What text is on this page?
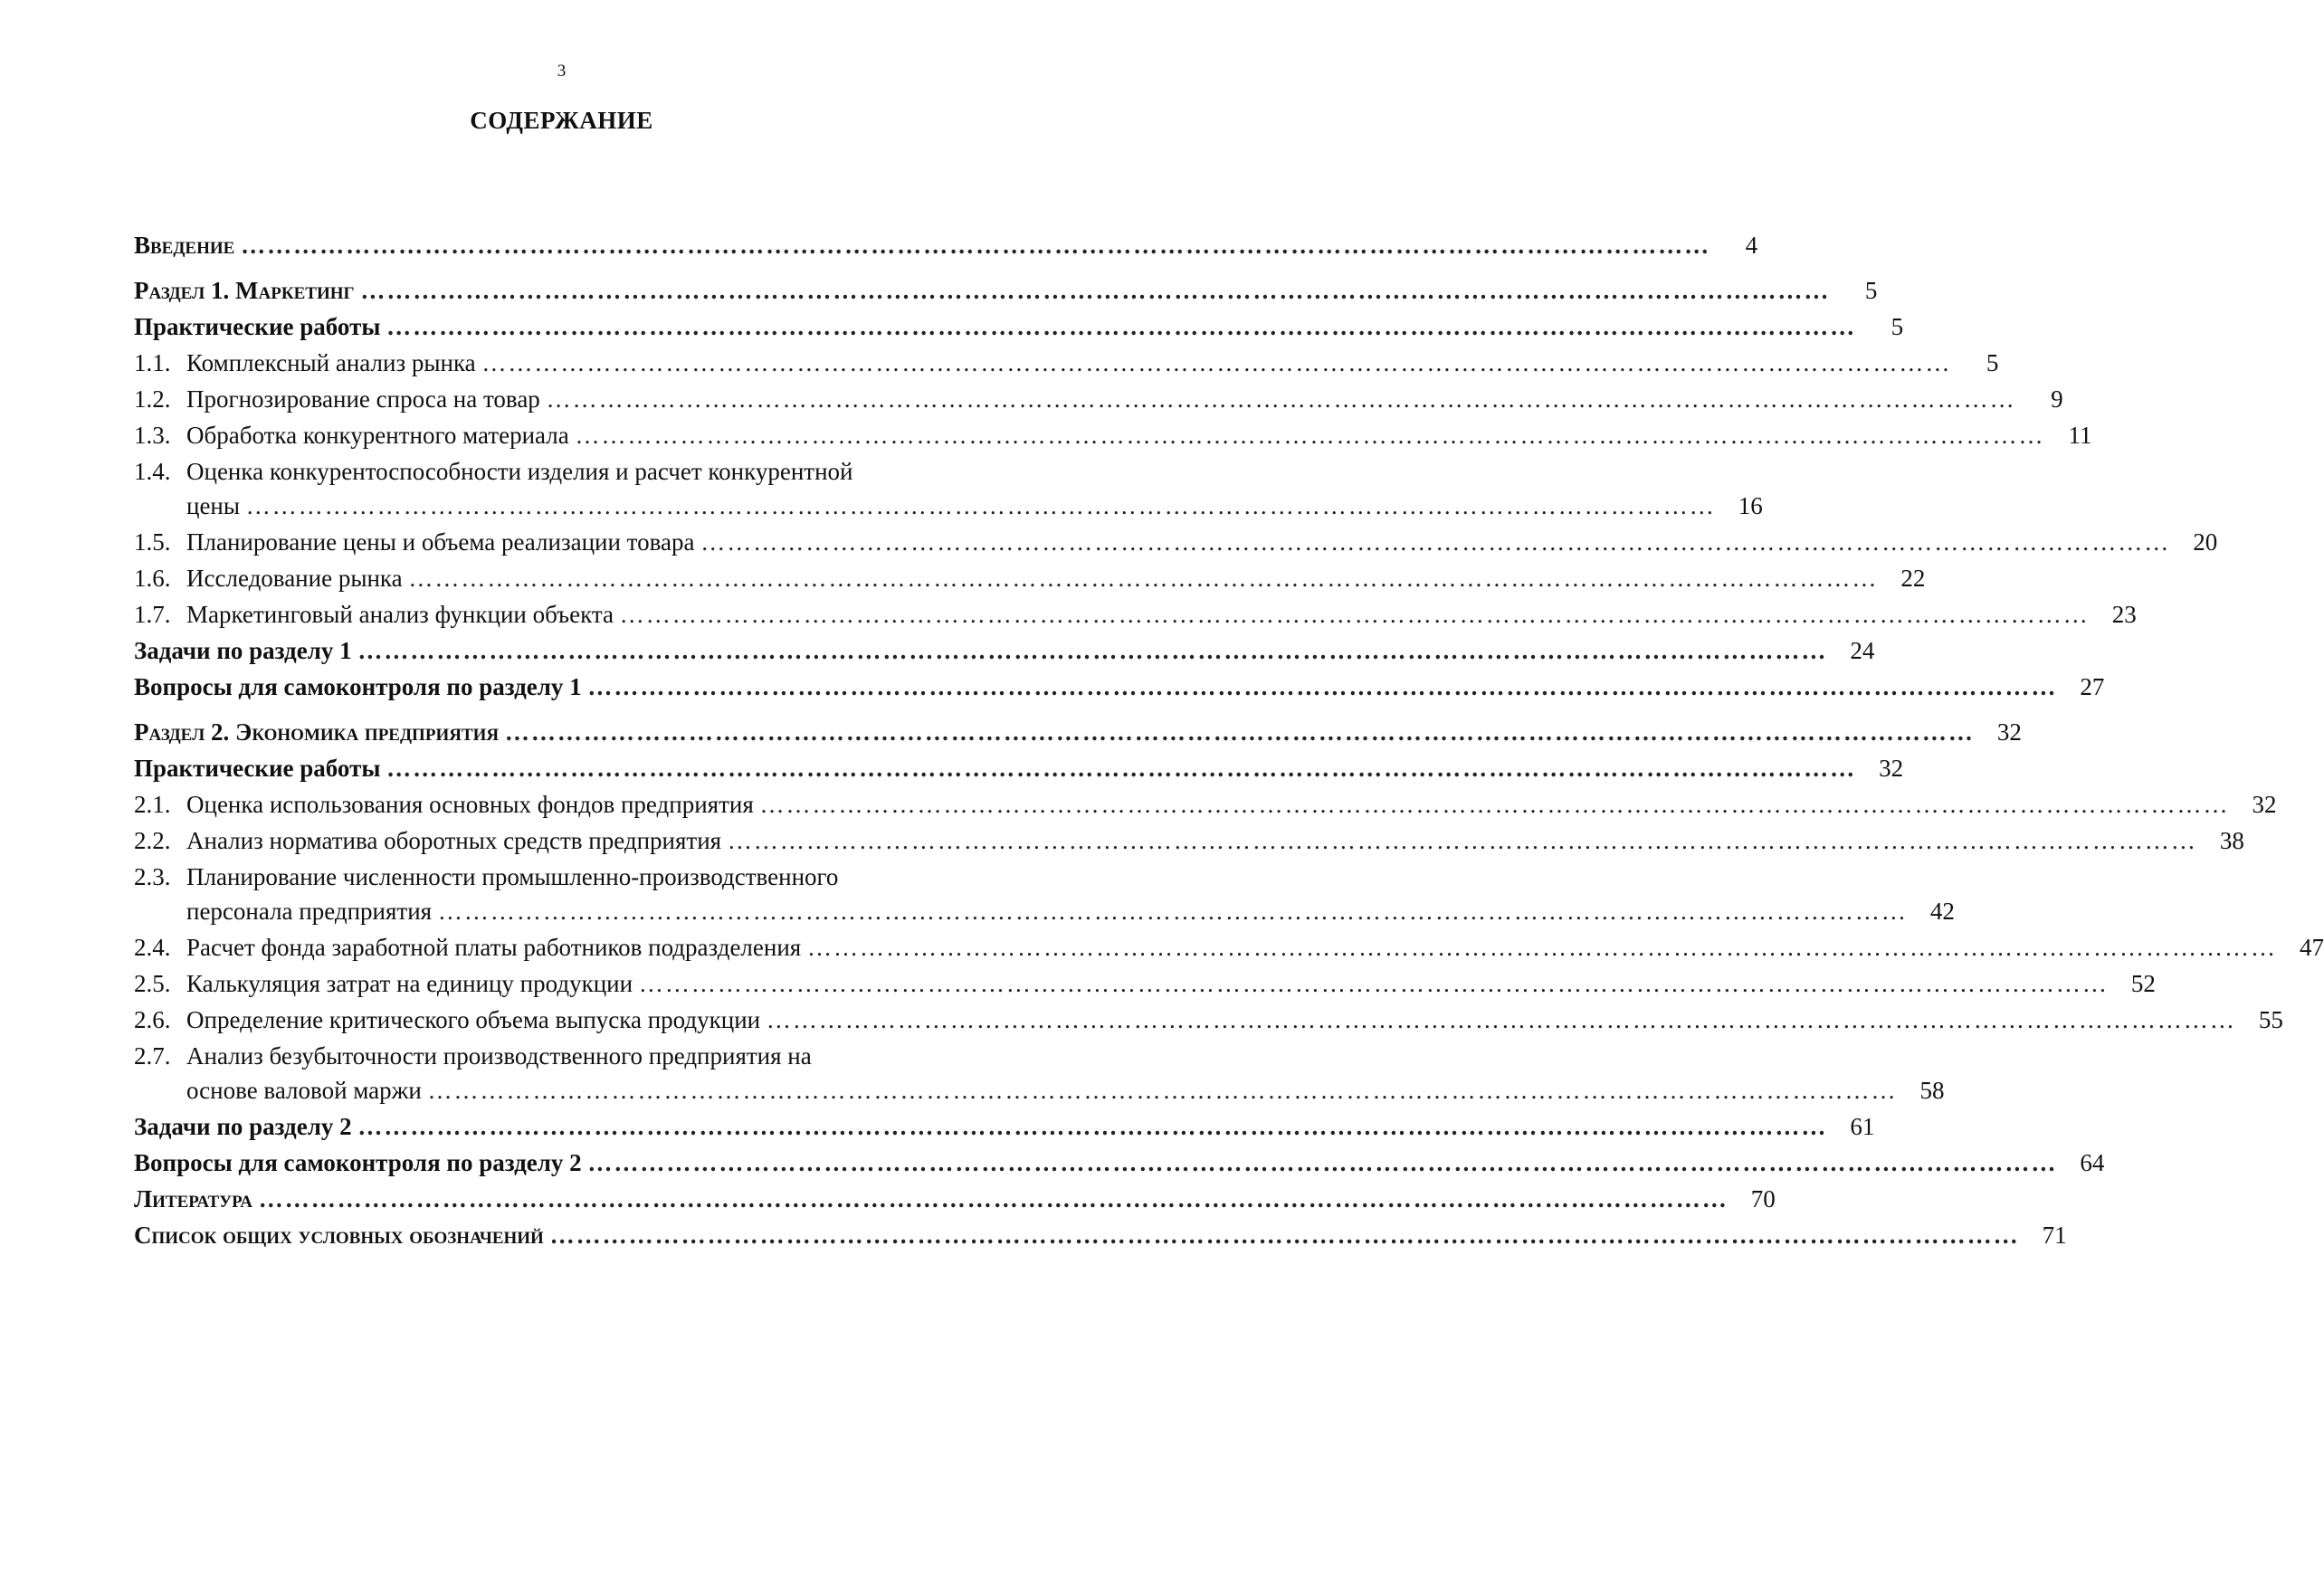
3
СОДЕРЖАНИЕ
Введение ……………………………………………………………………………………………………………………………………………………	4
Раздел 1. Маркетинг ……………………………………………………………………………………………………………………………………………………	5
Практические работы ……………………………………………………………………………………………………………………………………………………	5
1.1. Комплексный анализ рынка ……………………………………………………………………………………………………………………………………………………	5
1.2. Прогнозирование спроса на товар ……………………………………………………………………………………………………………………………………………………	9
1.3. Обработка конкурентного материала …………………………………………………………………………………………………………………………………………………… 11
1.4. Оценка конкурентоспособности изделия и расчет конкурентной
цены …………………………………………………………………………………………………………………………………………………… 16
1.5. Планирование цены и объема реализации товара …………………………………………………………………………………………………………………………………………………… 20
1.6. Исследование рынка …………………………………………………………………………………………………………………………………………………… 22
1.7. Маркетинговый анализ функции объекта …………………………………………………………………………………………………………………………………………………… 23
Задачи по разделу 1 …………………………………………………………………………………………………………………………………………………… 24
Вопросы для самоконтроля по разделу 1 …………………………………………………………………………………………………………………………………………………… 27
Раздел 2. Экономика предприятия …………………………………………………………………………………………………………………………………………………… 32
Практические работы …………………………………………………………………………………………………………………………………………………… 32
2.1. Оценка использования основных фондов предприятия …………………………………………………………………………………………………………………………………………………… 32
2.2. Анализ норматива оборотных средств предприятия …………………………………………………………………………………………………………………………………………………… 38
2.3. Планирование численности промышленно-производственного
персонала предприятия …………………………………………………………………………………………………………………………………………………… 42
2.4. Расчет фонда заработной платы работников подразделения …………………………………………………………………………………………………………………………………………………… 47
2.5. Калькуляция затрат на единицу продукции …………………………………………………………………………………………………………………………………………………… 52
2.6. Определение критического объема выпуска продукции …………………………………………………………………………………………………………………………………………………… 55
2.7. Анализ безубыточности производственного предприятия на
основе валовой маржи …………………………………………………………………………………………………………………………………………………… 58
Задачи по разделу 2 …………………………………………………………………………………………………………………………………………………… 61
Вопросы для самоконтроля по разделу 2 …………………………………………………………………………………………………………………………………………………… 64
Литература …………………………………………………………………………………………………………………………………………………… 70
Список общих условных обозначений …………………………………………………………………………………………………………………………………………………… 71
